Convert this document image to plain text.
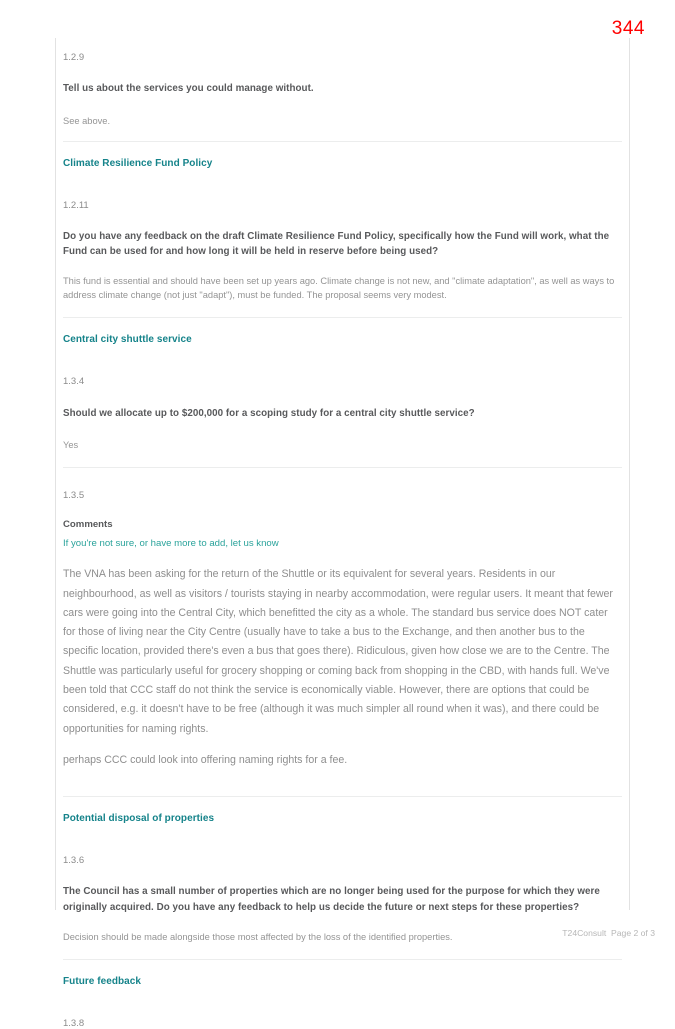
344

1.2.9

Tell us about the services you could manage without.

See above.

Climate Resilience Fund Policy

1.2.11

Do you have any feedback on the draft Climate Resilience Fund Policy, specifically how the Fund will work, what the Fund can be used for and how long it will be held in reserve before being used?

This fund is essential and should have been set up years ago. Climate change is not new, and "climate adaptation", as well as ways to address climate change (not just "adapt"), must be funded. The proposal seems very modest.

Central city shuttle service

1.3.4

Should we allocate up to $200,000 for a scoping study for a central city shuttle service?

Yes

1.3.5

Comments

If you're not sure, or have more to add, let us know

The VNA has been asking for the return of the Shuttle or its equivalent for several years. Residents in our neighbourhood, as well as visitors / tourists staying in nearby accommodation, were regular users. It meant that fewer cars were going into the Central City, which benefitted the city as a whole. The standard bus service does NOT cater for those of living near the City Centre (usually have to take a bus to the Exchange, and then another bus to the specific location, provided there's even a bus that goes there). Ridiculous, given how close we are to the Centre. The Shuttle was particularly useful for grocery shopping or coming back from shopping in the CBD, with hands full. We've been told that CCC staff do not think the service is economically viable. However, there are options that could be considered, e.g. it doesn't have to be free (although it was much simpler all round when it was), and there could be opportunities for naming rights.

perhaps CCC could look into offering naming rights for a fee.

Potential disposal of properties

1.3.6

The Council has a small number of properties which are no longer being used for the purpose for which they were originally acquired. Do you have any feedback to help us decide the future or next steps for these properties?

Decision should be made alongside those most affected by the loss of the identified properties.

Future feedback

1.3.8

T24Consult Page 2 of 3
